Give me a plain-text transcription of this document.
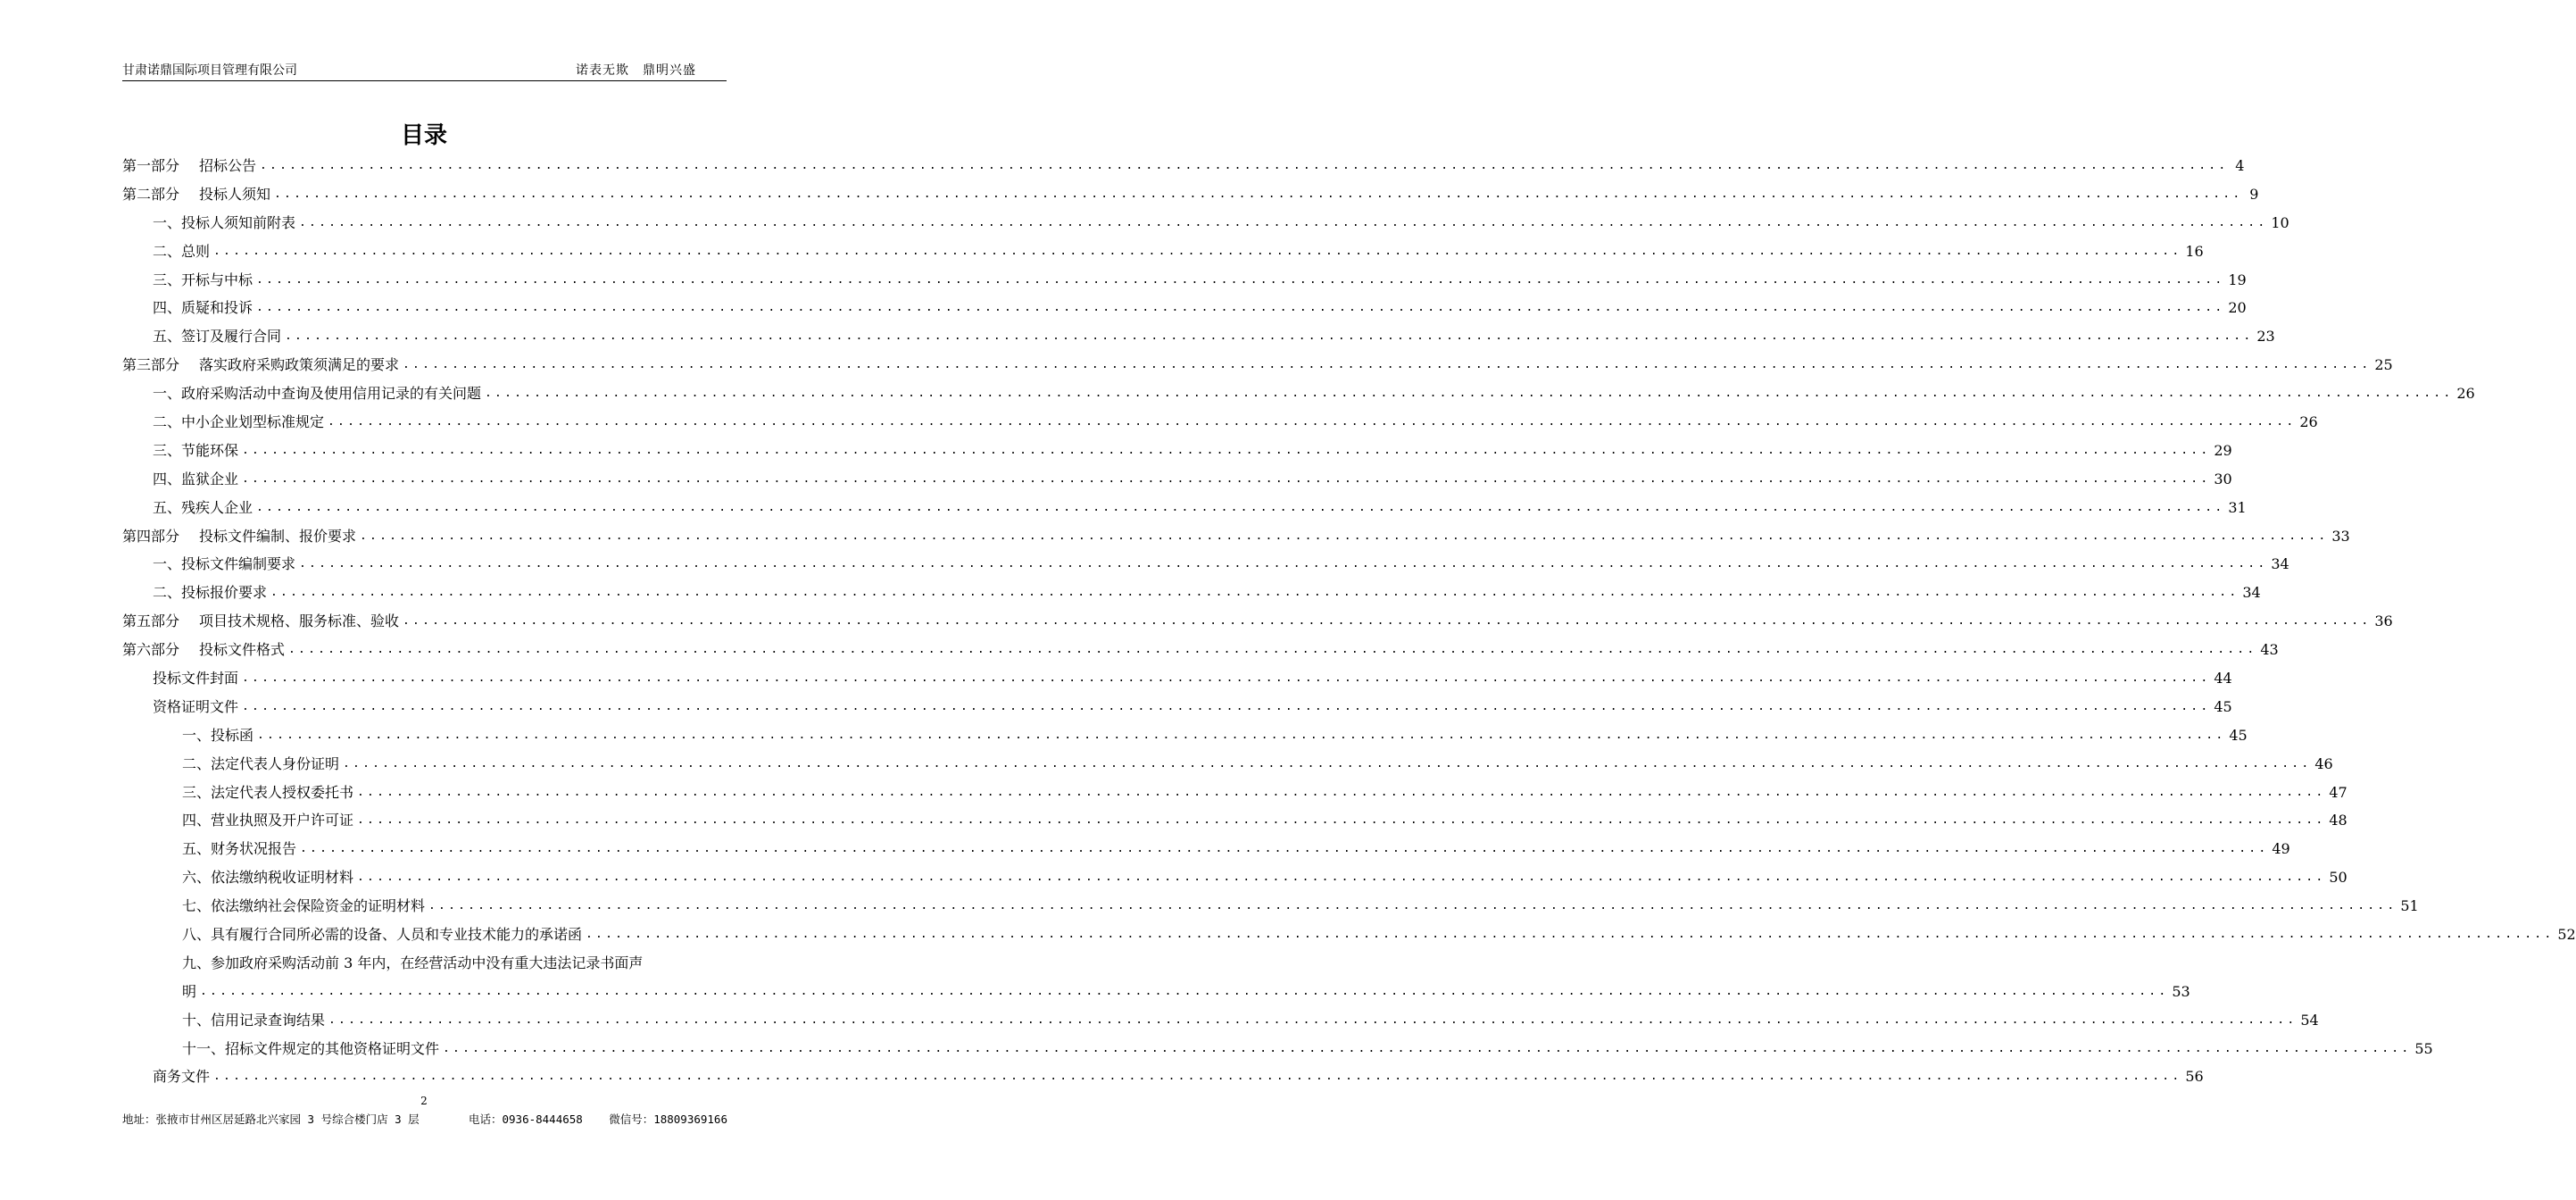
甘肃诺鼎国际项目管理有限公司	诺表无欺　鼎明兴盛
目录
第一部分 招标公告 ........................................................................................................................................................................................................ 4
第二部分 投标人须知 ........................................................................................................................................................................................................ 9
一、投标人须知前附表 ........................................................................................................................................................................................................ 10
二、总则 ........................................................................................................................................................................................................ 16
三、开标与中标 ........................................................................................................................................................................................................ 19
四、质疑和投诉 ........................................................................................................................................................................................................ 20
五、签订及履行合同 ........................................................................................................................................................................................................ 23
第三部分 落实政府采购政策须满足的要求 ........................................................................................................................................................................................................ 25
一、政府采购活动中查询及使用信用记录的有关问题 ........................................................................................................................................................................................................ 26
二、中小企业划型标准规定 ........................................................................................................................................................................................................ 26
三、节能环保 ........................................................................................................................................................................................................ 29
四、监狱企业 ........................................................................................................................................................................................................ 30
五、残疾人企业 ........................................................................................................................................................................................................ 31
第四部分 投标文件编制、报价要求 ........................................................................................................................................................................................................ 33
一、投标文件编制要求 ........................................................................................................................................................................................................ 34
二、投标报价要求 ........................................................................................................................................................................................................ 34
第五部分 项目技术规格、服务标准、验收 ........................................................................................................................................................................................................ 36
第六部分 投标文件格式 ........................................................................................................................................................................................................ 43
投标文件封面 ........................................................................................................................................................................................................ 44
资格证明文件 ........................................................................................................................................................................................................ 45
一、投标函 ........................................................................................................................................................................................................ 45
二、法定代表人身份证明 ........................................................................................................................................................................................................ 46
三、法定代表人授权委托书 ........................................................................................................................................................................................................ 47
四、营业执照及开户许可证 ........................................................................................................................................................................................................ 48
五、财务状况报告 ........................................................................................................................................................................................................ 49
六、依法缴纳税收证明材料 ........................................................................................................................................................................................................ 50
七、依法缴纳社会保险资金的证明材料 ........................................................................................................................................................................................................ 51
八、具有履行合同所必需的设备、人员和专业技术能力的承诺函 ........................................................................................................................................................................................................ 52
九、参加政府采购活动前 3 年内，在经营活动中没有重大违法记录书面声
明 ........................................................................................................................................................................................................ 53
十、信用记录查询结果 ........................................................................................................................................................................................................ 54
十一、招标文件规定的其他资格证明文件 ........................................................................................................................................................................................................ 55
商务文件 ........................................................................................................................................................................................................ 56
2
地址：张掖市甘州区居延路北兴家园 3 号综合楼门店 3 层	电话：0936-8444658 微信号：18809369166
